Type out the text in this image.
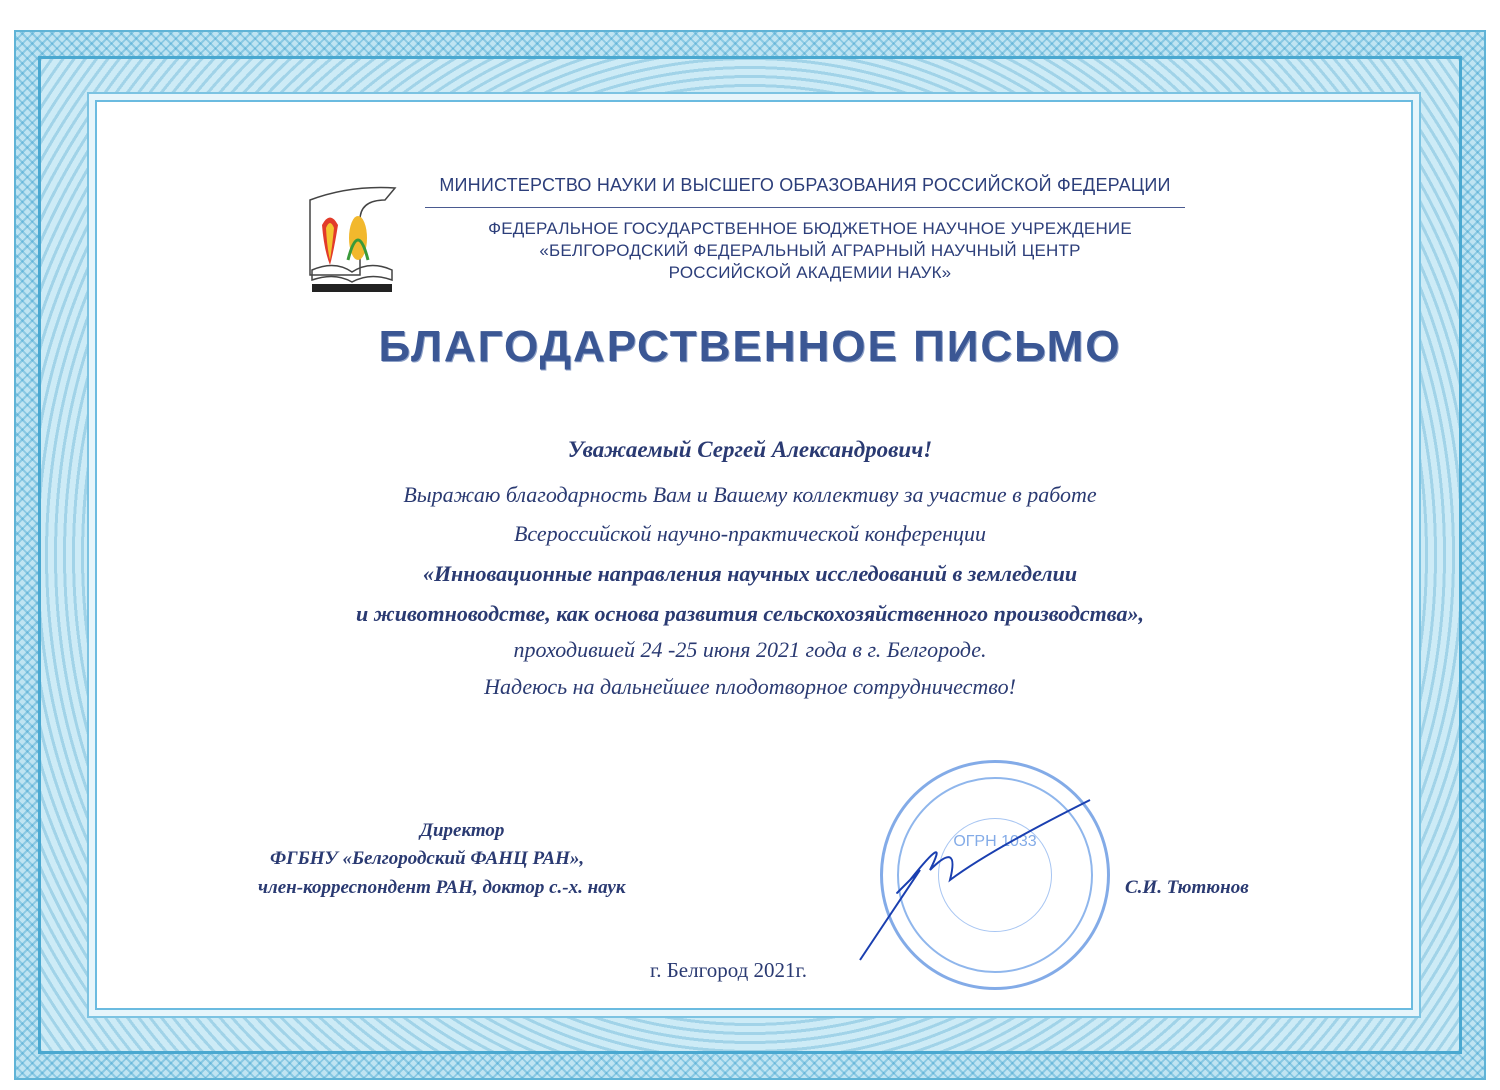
МИНИСТЕРСТВО НАУКИ И ВЫСШЕГО ОБРАЗОВАНИЯ РОССИЙСКОЙ ФЕДЕРАЦИИ
ФЕДЕРАЛЬНОЕ ГОСУДАРСТВЕННОЕ БЮДЖЕТНОЕ НАУЧНОЕ УЧРЕЖДЕНИЕ
«БЕЛГОРОДСКИЙ ФЕДЕРАЛЬНЫЙ АГРАРНЫЙ НАУЧНЫЙ ЦЕНТР
РОССИЙСКОЙ АКАДЕМИИ НАУК»
БЛАГОДАРСТВЕННОЕ ПИСЬМО
Уважаемый Сергей Александрович!
Выражаю благодарность Вам и Вашему коллективу за участие в работе
Всероссийской научно-практической конференции
«Инновационные направления научных исследований в земледелии
и животноводстве, как основа развития сельскохозяйственного производства»,
проходившей 24 -25 июня 2021 года в г. Белгороде.
Надеюсь на дальнейшее плодотворное сотрудничество!
Директор
ФГБНУ «Белгородский ФАНЦ РАН»,
член-корреспондент РАН, доктор с.-х. наук	С.И. Тютюнов
ОГРН 1033
г. Белгород 2021г.
